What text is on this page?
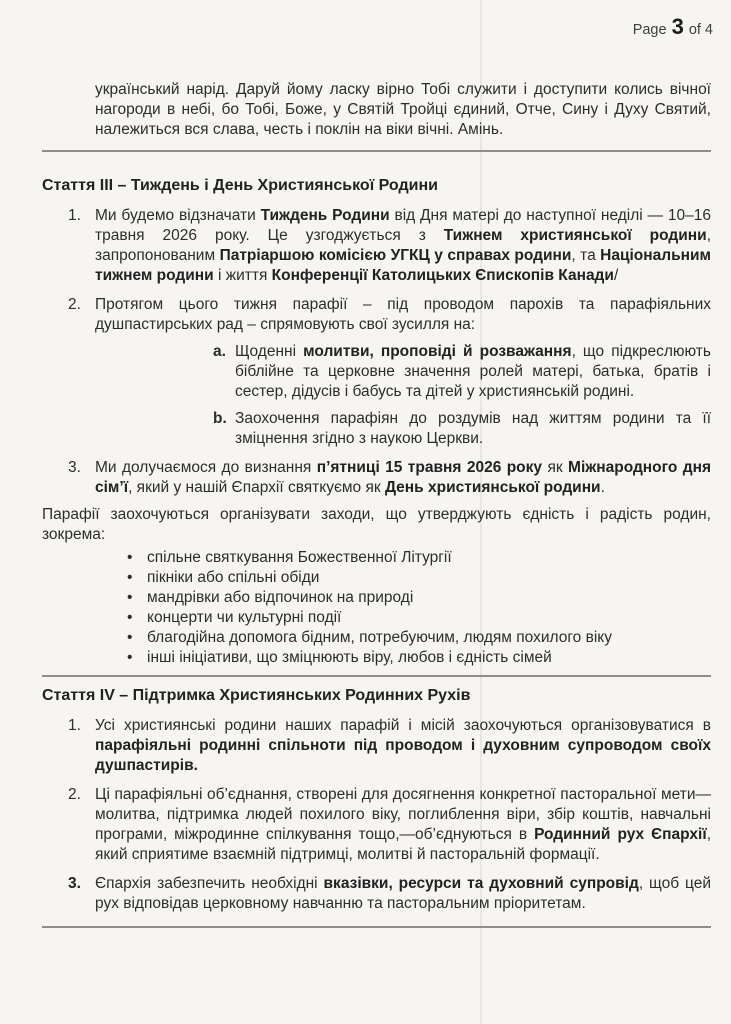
Page 3 of 4

український нарід. Даруй йому ласку вірно Тобі служити і доступити колись вічної нагороди в небі, бо Тобі, Боже, у Святій Тройці єдиний, Отче, Сину і Духу Святий, належиться вся слава, честь і поклін на віки вічні. Амінь.

Стаття III – Тиждень і День Християнської Родини
1. Ми будемо відзначати Тиждень Родини від Дня матері до наступної неділі — 10–16 травня 2026 року. Це узгоджується з Тижнем християнської родини, запропонованим Патріаршою комісією УГКЦ у справах родини, та Національним тижнем родини і життя Конференції Католицьких Єпископів Канади/
2. Протягом цього тижня парафії – під проводом парохів та парафіяльних душпастирських рад – спрямовують свої зусилля на:
a. Щоденні молитви, проповіді й розважання, що підкреслюють біблійне та церковне значення ролей матері, батька, братів і сестер, дідусів і бабусь та дітей у християнській родині.
b. Заохочення парафіян до роздумів над життям родини та її зміцнення згідно з наукою Церкви.
3. Ми долучаємося до визнання п’ятниці 15 травня 2026 року як Міжнародного дня сім’ї, який у нашій Єпархії святкуємо як День християнської родини.

Парафії заохочуються організувати заходи, що утверджують єдність і радість родин, зокрема:

•
спільне святкування Божественної Літургії
•
пікніки або спільні обіди
•
мандрівки або відпочинок на природі
•
концерти чи культурні події
•
благодійна допомога бідним, потребуючим, людям похилого віку
•
інші ініціативи, що зміцнюють віру, любов і єдність сімей
Стаття IV – Підтримка Християнських Родинних Рухів
1. Усі християнські родини наших парафій і місій заохочуються організовуватися в парафіяльні родинні спільноти під проводом і духовним супроводом своїх душпастирів.
2. Ці парафіяльні об’єднання, створені для досягнення конкретної пасторальної мети—молитва, підтримка людей похилого віку, поглиблення віри, збір коштів, навчальні програми, міжродинне спілкування тощо,—об’єднуються в Родинний рух Єпархії, який сприятиме взаємній підтримці, молитві й пасторальній формації.
3. Єпархія забезпечить необхідні вказівки, ресурси та духовний супровід, щоб цей рух відповідав церковному навчанню та пасторальним пріоритетам.
